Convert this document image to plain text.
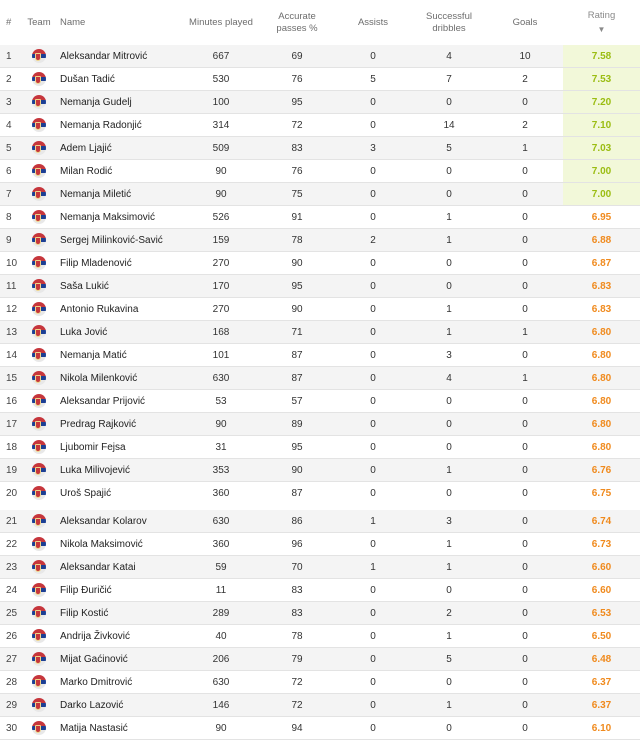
#	Team	Name	Minutes played	Accurate
passes %	Assists	Successful
dribbles	Goals	Rating
▼

1		Aleksandar Mitrović	667	69	0	4	10	7.58
2		Dušan Tadić	530	76	5	7	2	7.53
3		Nemanja Gudelj	100	95	0	0	0	7.20
4		Nemanja Radonjić	314	72	0	14	2	7.10
5		Adem Ljajić	509	83	3	5	1	7.03
6		Milan Rodić	90	76	0	0	0	7.00
7		Nemanja Miletić	90	75	0	0	0	7.00
8		Nemanja Maksimović	526	91	0	1	0	6.95
9		Sergej Milinković-Savić	159	78	2	1	0	6.88
10		Filip Mladenović	270	90	0	0	0	6.87
11		Saša Lukić	170	95	0	0	0	6.83
12		Antonio Rukavina	270	90	0	1	0	6.83
13		Luka Jović	168	71	0	1	1	6.80
14		Nemanja Matić	101	87	0	3	0	6.80
15		Nikola Milenković	630	87	0	4	1	6.80
16		Aleksandar Prijović	53	57	0	0	0	6.80
17		Predrag Rajković	90	89	0	0	0	6.80
18		Ljubomir Fejsa	31	95	0	0	0	6.80
19		Luka Milivojević	353	90	0	1	0	6.76
20		Uroš Spajić	360	87	0	0	0	6.75
21		Aleksandar Kolarov	630	86	1	3	0	6.74
22		Nikola Maksimović	360	96	0	1	0	6.73
23		Aleksandar Katai	59	70	1	1	0	6.60
24		Filip Đuričić	11	83	0	0	0	6.60
25		Filip Kostić	289	83	0	2	0	6.53
26		Andrija Živković	40	78	0	1	0	6.50
27		Mijat Gaćinović	206	79	0	5	0	6.48
28		Marko Dmitrović	630	72	0	0	0	6.37
29		Darko Lazović	146	72	0	1	0	6.37
30		Matija Nastasić	90	94	0	0	0	6.10
